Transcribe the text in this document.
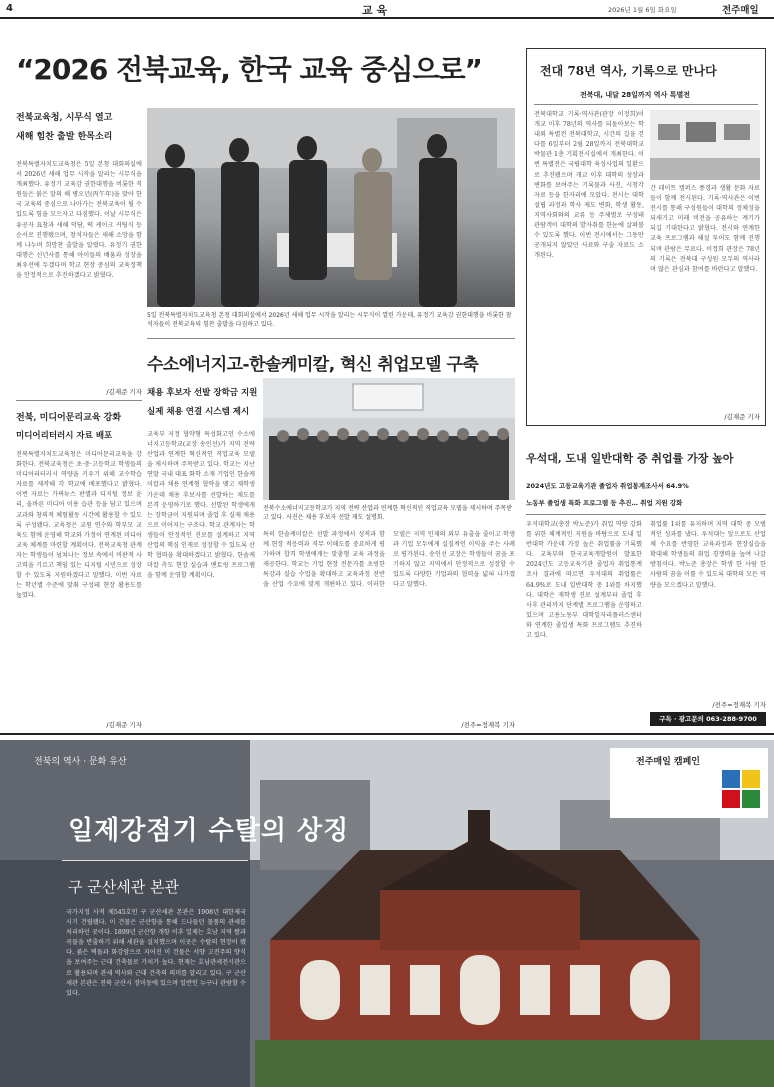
4	교 육	2026년 1월 6일 화요일	전주매일
“2026 전북교육, 한국 교육 중심으로”
전북교육청, 시무식 열고
새해 힘찬 출발 한목소리
전북특별자치도교육청은 5일 본청 대회의실에서 2026년 새해 업무 시작을 알리는 시무식을 개최했다. 유정기 교육감 권한대행을 비롯한 직원들은 붉은 말의 해 병오년(丙午年)을 맞아 한국 교육의 중심으로 나아가는 전북교육이 될 수 있도록 힘을 모으자고 다짐했다. 이날 시무식은 유공자 표창과 새해 덕담, 떡 케이크 커팅식 등 순서로 진행됐으며, 참석자들은 새해 소망을 함께 나누며 희망찬 출발을 알렸다. 유정기 권한대행은 신년사를 통해 아이들의 배움과 성장을 최우선에 두겠다며 학교 현장 중심의 교육정책을 안정적으로 추진하겠다고 밝혔다.
/김재준 기자
5일 전북특별자치도교육청 본청 대회의실에서 2026년 새해 업무 시작을 알리는 시무식이 열린 가운데, 유정기 교육감 권한대행을 비롯한 참석자들이 전북교육의 힘찬 출발을 다짐하고 있다.
전북, 미디어문리교육 강화
미디어리터러시 자료 배포
전북특별자치도교육청은 미디어문리교육을 강화한다. 전북교육청은 초·중·고등학교 학생들의 미디어리터러시 역량을 키우기 위해 교수학습 자료를 제작해 각 학교에 배포했다고 밝혔다. 이번 자료는 가짜뉴스 판별과 디지털 정보 윤리, 올바른 미디어 이용 습관 등을 담고 있으며 교과와 창의적 체험활동 시간에 활용할 수 있도록 구성됐다. 교육청은 교원 연수와 학부모 교육도 함께 운영해 학교와 가정이 연계된 미디어교육 체계를 마련할 계획이다. 전북교육청 관계자는 학생들이 넘쳐나는 정보 속에서 비판적 사고력을 기르고 책임 있는 디지털 시민으로 성장할 수 있도록 지원하겠다고 말했다. 이번 자료는 학년별 수준에 맞춰 구성돼 현장 활용도를 높였다.
/김재준 기자
수소에너지고-한솔케미칼, 혁신 취업모델 구축
채용 후보자 선발 장학금 지원
실제 채용 연결 시스템 제시
교육부 지정 협약형 특성화고인 수소에너지고등학교(교장 송인선)가 지역 전략 산업과 연계한 혁신적인 직업교육 모델을 제시하며 주목받고 있다. 학교는 지난 연말 국내 대표 화학 소재 기업인 한솔케미칼과 채용 연계형 협약을 맺고 재학생 가운데 채용 후보자를 선발하는 제도를 본격 운영하기로 했다. 선발된 학생에게는 장학금이 지원되며 졸업 후 실제 채용으로 이어지는 구조다. 학교 관계자는 학생들이 안정적인 진로를 설계하고 지역 산업의 핵심 인재로 성장할 수 있도록 산학 협력을 확대하겠다고 밝혔다. 한솔케미칼 측도 현장 실습과 멘토링 프로그램을 함께 운영할 계획이다.
전북수소에너지고등학교가 지역 전략 산업과 연계한 혁신적인 직업교육 모델을 제시하며 주목받고 있다. 사진은 채용 후보자 선발 재도 설명회.
특히 한솔케미칼은 선발 과정에서 성적과 함께 현장 적응력과 직무 이해도를 중요하게 평가하며 합격 학생에게는 맞춤형 교육 과정을 제공한다. 학교는 기업 현장 전문가를 초빙한 특강과 실습 수업을 확대하고 교육과정 전반을 산업 수요에 맞게 개편하고 있다. 이러한 모델은 지역 인재의 외부 유출을 줄이고 학생과 기업 모두에게 실질적인 이익을 주는 사례로 평가된다. 송인선 교장은 학생들이 꿈을 포기하지 않고 지역에서 안정적으로 성장할 수 있도록 다양한 기업과의 협력을 넓혀 나가겠다고 말했다.
/전주=정재복 기자
전대 78년 역사, 기록으로 만나다
전북대, 내달 28일까지 역사 특별전
전북대학교 기록·역사관(관장 이정희)이 개교 이후 78년의 역사를 되돌아보는 학내외 특별전 전북대학교, 시간의 길을 걷다를 6일부터 2월 28일까지 전북대학교 박물관 1층 기획전시실에서 개최한다. 이번 특별전은 국립대학 육성사업의 일환으로 추진됐으며 개교 이후 대학의 성장과 변화를 보여주는 기록물과 사진, 시청각 자료 등을 한자리에 모았다. 전시는 대학 설립 과정과 학사 제도 변화, 학생 활동, 지역사회와의 교류 등 주제별로 구성돼 관람객이 대학의 발자취를 한눈에 살펴볼 수 있도록 했다. 이번 전시에서는 그동안 공개되지 않았던 사료와 구술 자료도 소개된다.
간 데이트 캠퍼스 풍경과 생활 문화 자료들이 함께 전시된다. 기록·역사관은 이번 전시를 통해 구성원들이 대학의 정체성을 되새기고 미래 비전을 공유하는 계기가 되길 기대한다고 밝혔다. 전시와 연계한 교육 프로그램과 해설 투어도 함께 진행되며 관람은 무료다. 이정희 관장은 78년의 기록은 전북대 구성원 모두의 역사라며 많은 관심과 참여를 바란다고 말했다.
/김재준 기자
우석대, 도내 일반대학 중 취업률 가장 높아
2024년도 고등교육기관 졸업자 취업통계조사서 64.9%
노동부 졸업생 특화 프로그램 등 추진… 취업 지원 강화
우석대학교(총장 박노준)가 취업 역량 강화를 위한 체계적인 지원을 바탕으로 도내 일반대학 가운데 가장 높은 취업률을 기록했다. 교육부와 한국교육개발원이 발표한 2024년도 고등교육기관 졸업자 취업통계조사 결과에 따르면 우석대의 취업률은 64.9%로 도내 일반대학 중 1위를 차지했다. 대학은 재학생 진로 설계부터 졸업 후 사후 관리까지 단계별 프로그램을 운영하고 있으며 고용노동부 대학일자리플러스센터와 연계한 졸업생 특화 프로그램도 추진하고 있다.
취업률 1위를 유지하며 지역 대학 중 모범적인 성과를 냈다. 우석대는 앞으로도 산업체 수요를 반영한 교육과정과 현장실습을 확대해 학생들의 취업 경쟁력을 높여 나갈 방침이다. 박노준 총장은 학생 한 사람 한 사람의 꿈을 이룰 수 있도록 대학의 모든 역량을 모으겠다고 말했다.
/전주=정재복 기자
구독 · 광고문의 063-288-9700
전북의 역사 · 문화 유산	전주매일 캠페인
일제강점기 수탈의 상징
구 군산세관 본관
국가지정 사적 제545호인 구 군산세관 본관은 1908년 대한제국 시기 건립됐다. 이 건물은 군산항을 통해 드나들던 물품의 관세를 처리하던 곳이다. 1899년 군산항 개항 이후 일제는 호남 지역 쌀과 곡물을 반출하기 위해 세관을 설치했으며 이곳은 수탈의 현장이 됐다. 붉은 벽돌과 화강암으로 지어진 이 건물은 서양 고전주의 양식을 보여주는 근대 건축물로 가치가 높다. 현재는 호남관세전시관으로 활용되며 관세 역사와 근대 건축의 의미를 알리고 있다. 구 군산세관 본관은 전북 군산시 장미동에 있으며 일반인 누구나 관람할 수 있다.
